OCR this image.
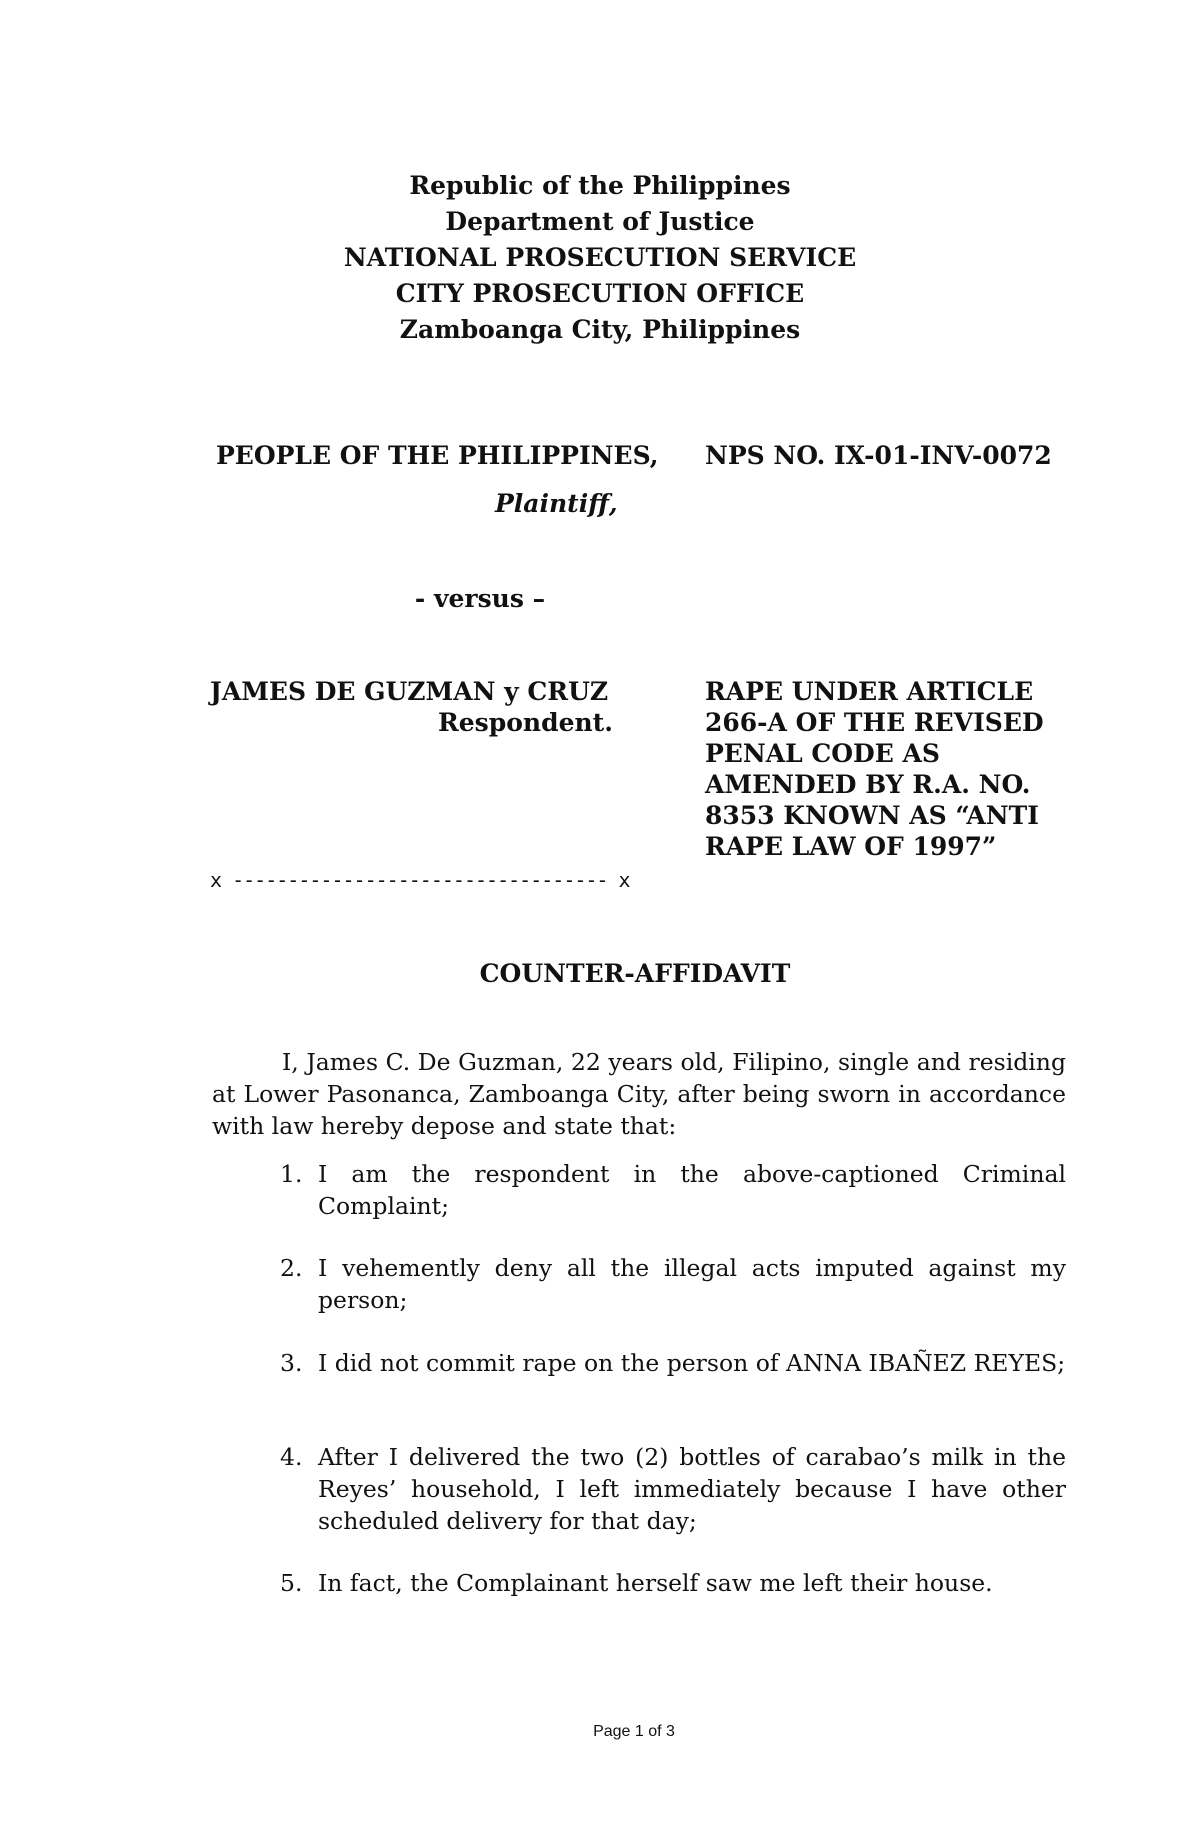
Republic of the Philippines
Department of Justice
NATIONAL PROSECUTION SERVICE
CITY PROSECUTION OFFICE
Zamboanga City, Philippines
PEOPLE OF THE PHILIPPINES, NPS NO. IX-01-INV-0072
Plaintiff,
- versus –
JAMES DE GUZMAN y CRUZ
Respondent.
RAPE UNDER ARTICLE
266-A OF THE REVISED
PENAL CODE AS
AMENDED BY R.A. NO.
8353 KNOWN AS “ANTI
RAPE LAW OF 1997”
x ---------------------------------- x
COUNTER-AFFIDAVIT
I, James C. De Guzman, 22 years old, Filipino, single and residing at Lower Pasonanca, Zamboanga City, after being sworn in accordance with law hereby depose and state that:
1. I am the respondent in the above-captioned Criminal Complaint;
2. I vehemently deny all the illegal acts imputed against my person;
3. I did not commit rape on the person of ANNA IBAÑEZ REYES;
4. After I delivered the two (2) bottles of carabao’s milk in the Reyes’ household, I left immediately because I have other scheduled delivery for that day;
5. In fact, the Complainant herself saw me left their house.
Page 1 of 3
